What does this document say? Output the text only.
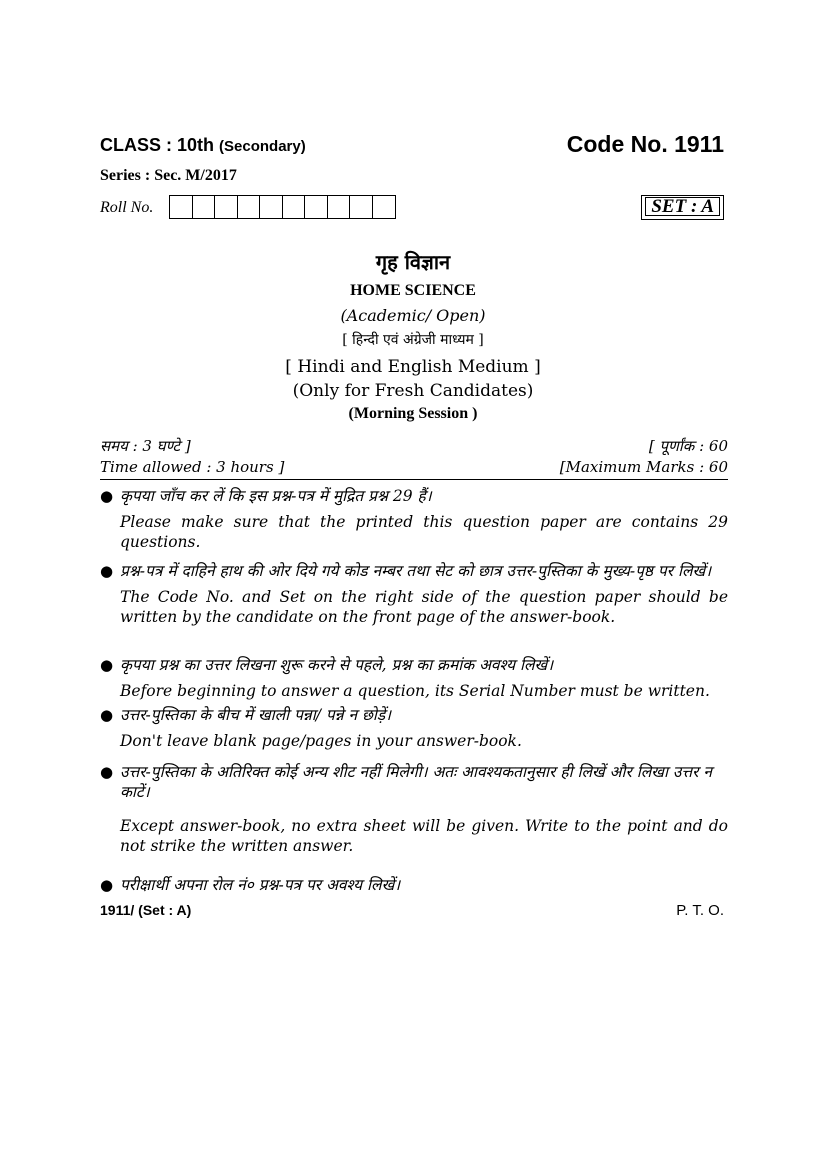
CLASS : 10th (Secondary)	Code No. 1911
Series : Sec. M/2017
Roll No.	SET : A
गृह विज्ञान
HOME SCIENCE
(Academic/ Open)
[ हिन्दी एवं अंग्रेजी माध्यम ]
[ Hindi and English Medium ]
(Only for Fresh Candidates)
(Morning Session )
समय : 3 घण्टे ]	[ पूर्णांक : 60
Time allowed : 3 hours ]	[Maximum Marks : 60
● कृपया जाँच कर लें कि इस प्रश्न-पत्र में मुद्रित प्रश्न 29 हैं।
Please make sure that the printed this question paper are contains 29 questions.
● प्रश्न-पत्र में दाहिने हाथ की ओर दिये गये कोड नम्बर तथा सेट को छात्र उत्तर-पुस्तिका के मुख्य-पृष्ठ पर लिखें।
The Code No. and Set on the right side of the question paper should be written by the candidate on the front page of the answer-book.
● कृपया प्रश्न का उत्तर लिखना शुरू करने से पहले, प्रश्न का क्रमांक अवश्य लिखें।
Before beginning to answer a question, its Serial Number must be written.
● उत्तर-पुस्तिका के बीच में खाली पन्ना/ पन्ने न छोड़ें।
Don't leave blank page/pages in your answer-book.
● उत्तर-पुस्तिका के अतिरिक्त कोई अन्य शीट नहीं मिलेगी। अतः आवश्यकतानुसार ही लिखें और लिखा उत्तर न काटें।
Except answer-book, no extra sheet will be given. Write to the point and do not strike the written answer.
● परीक्षार्थी अपना रोल नं० प्रश्न-पत्र पर अवश्य लिखें।
1911/ (Set : A)	P. T. O.
